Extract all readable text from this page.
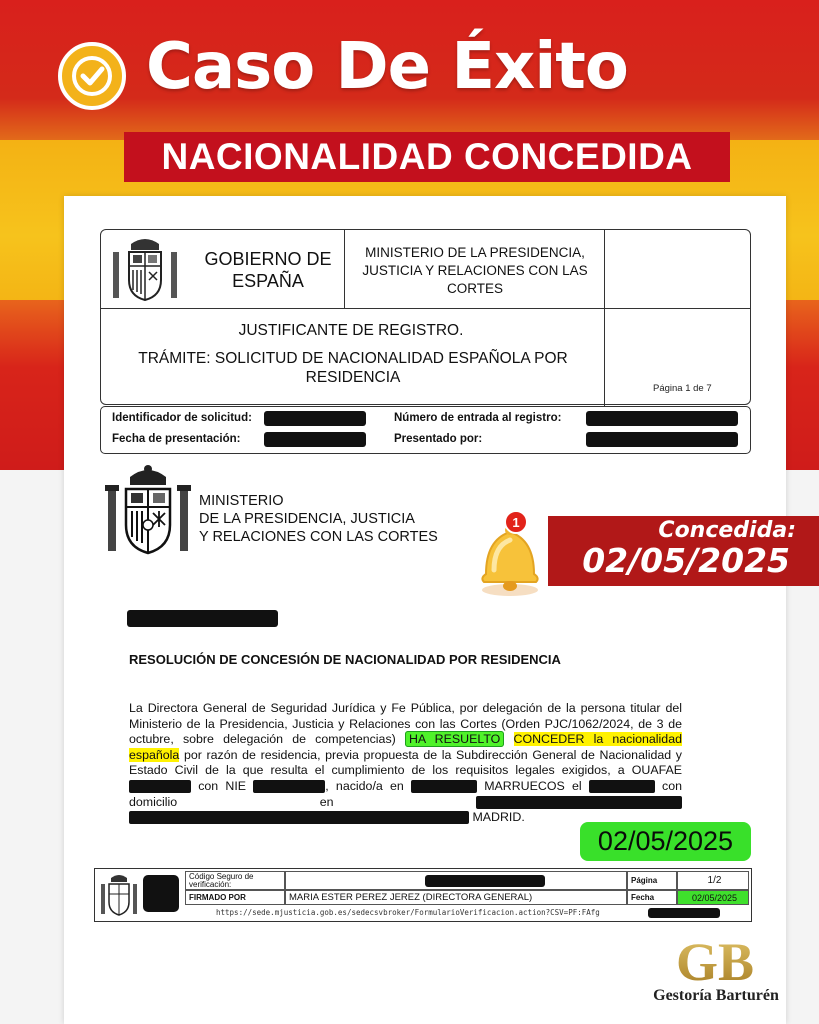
Caso De Éxito
NACIONALIDAD CONCEDIDA
GOBIERNO DE ESPAÑA
MINISTERIO DE LA PRESIDENCIA, JUSTICIA Y RELACIONES CON LAS CORTES
JUSTIFICANTE DE REGISTRO.
TRÁMITE: SOLICITUD DE NACIONALIDAD ESPAÑOLA POR RESIDENCIA
Página 1 de 7
Identificador de solicitud:	Número de entrada al registro:
Fecha de presentación:	Presentado por:
MINISTERIO
DE LA PRESIDENCIA, JUSTICIA
Y RELACIONES CON LAS CORTES	Concedida:
02/05/2025
1
RESOLUCIÓN DE CONCESIÓN DE NACIONALIDAD POR RESIDENCIA
La Directora General de Seguridad Jurídica y Fe Pública, por delegación de la persona titular del Ministerio de la Presidencia, Justicia y Relaciones con las Cortes (Orden PJC/1062/2024, de 3 de octubre, sobre delegación de competencias) HA RESUELTO CONCEDER la nacionalidad española por razón de residencia, previa propuesta de la Subdirección General de Nacionalidad y Estado Civil de la que resulta el cumplimiento de los requisitos legales exigidos, a OUAFAE  con NIE	, nacido/a en	MARRUECOS el	con domicilio en   MADRID.
02/05/2025
Código Seguro de verificación:	Página	1/2
FIRMADO POR	MARIA ESTER PEREZ JEREZ (DIRECTORA GENERAL)	Fecha	02/05/2025
https://sede.mjusticia.gob.es/sedecsvbroker/FormularioVerificacion.action?CSV=PF:FAfg
GB
Gestoría Barturén
